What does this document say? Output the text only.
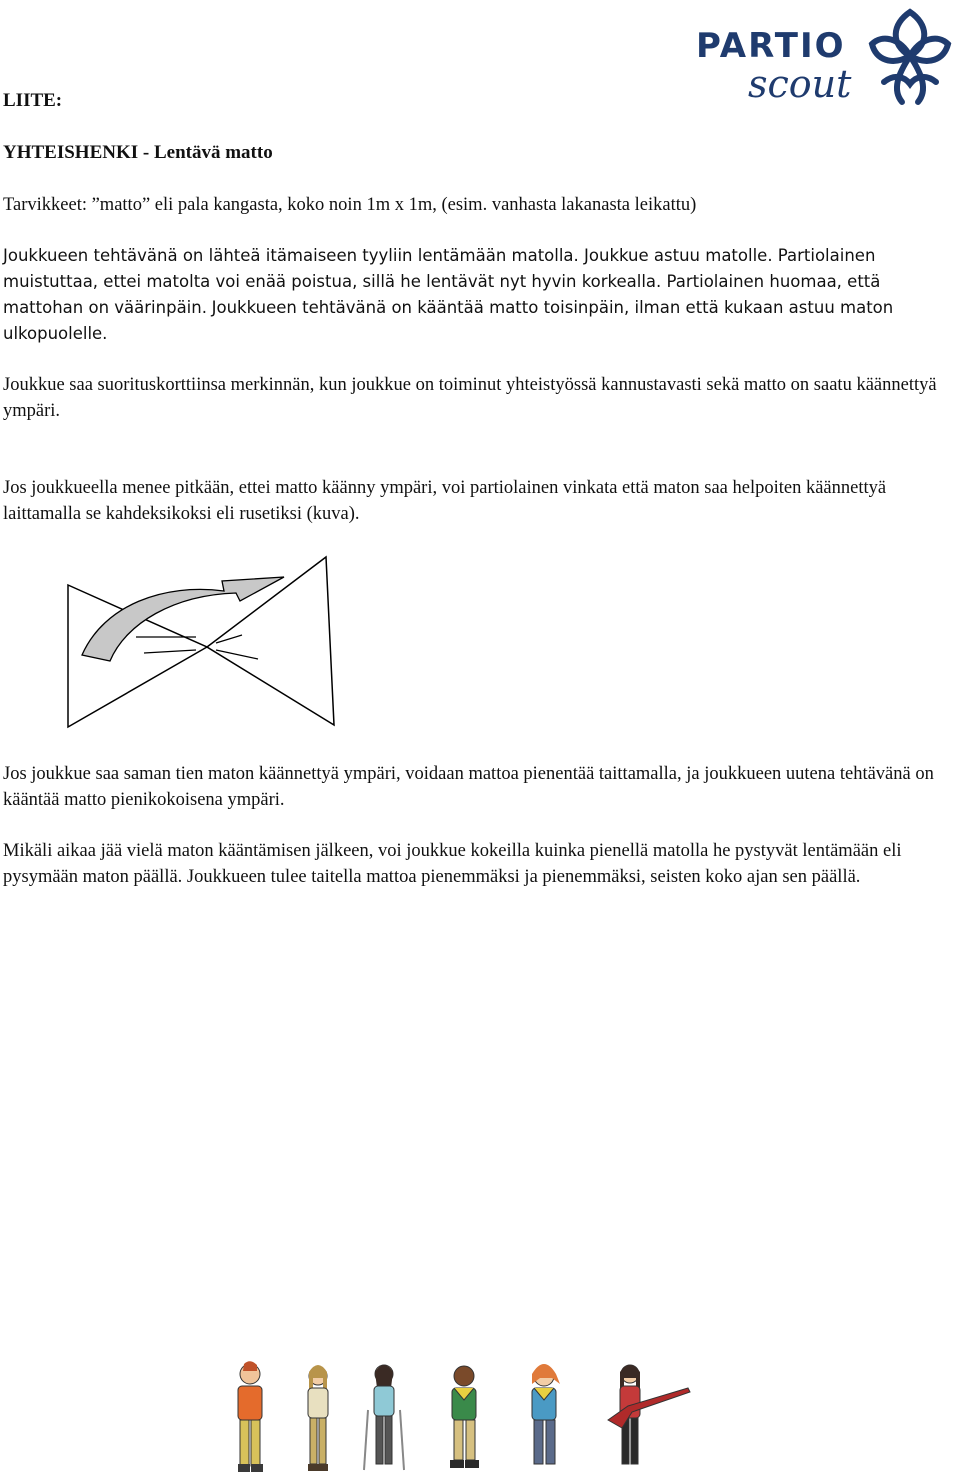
PARTIO
scout
LIITE:
YHTEISHENKI - Lentävä matto

Tarvikkeet: ”matto” eli pala kangasta, koko noin 1m x 1m, (esim. vanhasta lakanasta leikattu)

Joukkueen tehtävänä on lähteä itämaiseen tyyliin lentämään matolla. Joukkue astuu matolle. Partiolainen muistuttaa, ettei matolta voi enää poistua, sillä he lentävät nyt hyvin korkealla. Partiolainen huomaa, että mattohan on väärinpäin. Joukkueen tehtävänä on kääntää matto toisinpäin, ilman että kukaan astuu maton ulkopuolelle.

Joukkue saa suorituskorttiinsa merkinnän, kun joukkue on toiminut yhteistyössä kannustavasti sekä matto on saatu käännettyä ympäri.

Jos joukkueella menee pitkään, ettei matto käänny ympäri, voi partiolainen vinkata että maton saa helpoiten käännettyä laittamalla se kahdeksikoksi eli rusetiksi (kuva).

Jos joukkue saa saman tien maton käännettyä ympäri, voidaan mattoa pienentää taittamalla, ja joukkueen uutena tehtävänä on kääntää matto pienikokoisena ympäri.

Mikäli aikaa jää vielä maton kääntämisen jälkeen, voi joukkue kokeilla kuinka pienellä matolla he pystyvät lentämään eli pysymään maton päällä. Joukkueen tulee taitella mattoa pienemmäksi ja pienemmäksi, seisten koko ajan sen päällä.
